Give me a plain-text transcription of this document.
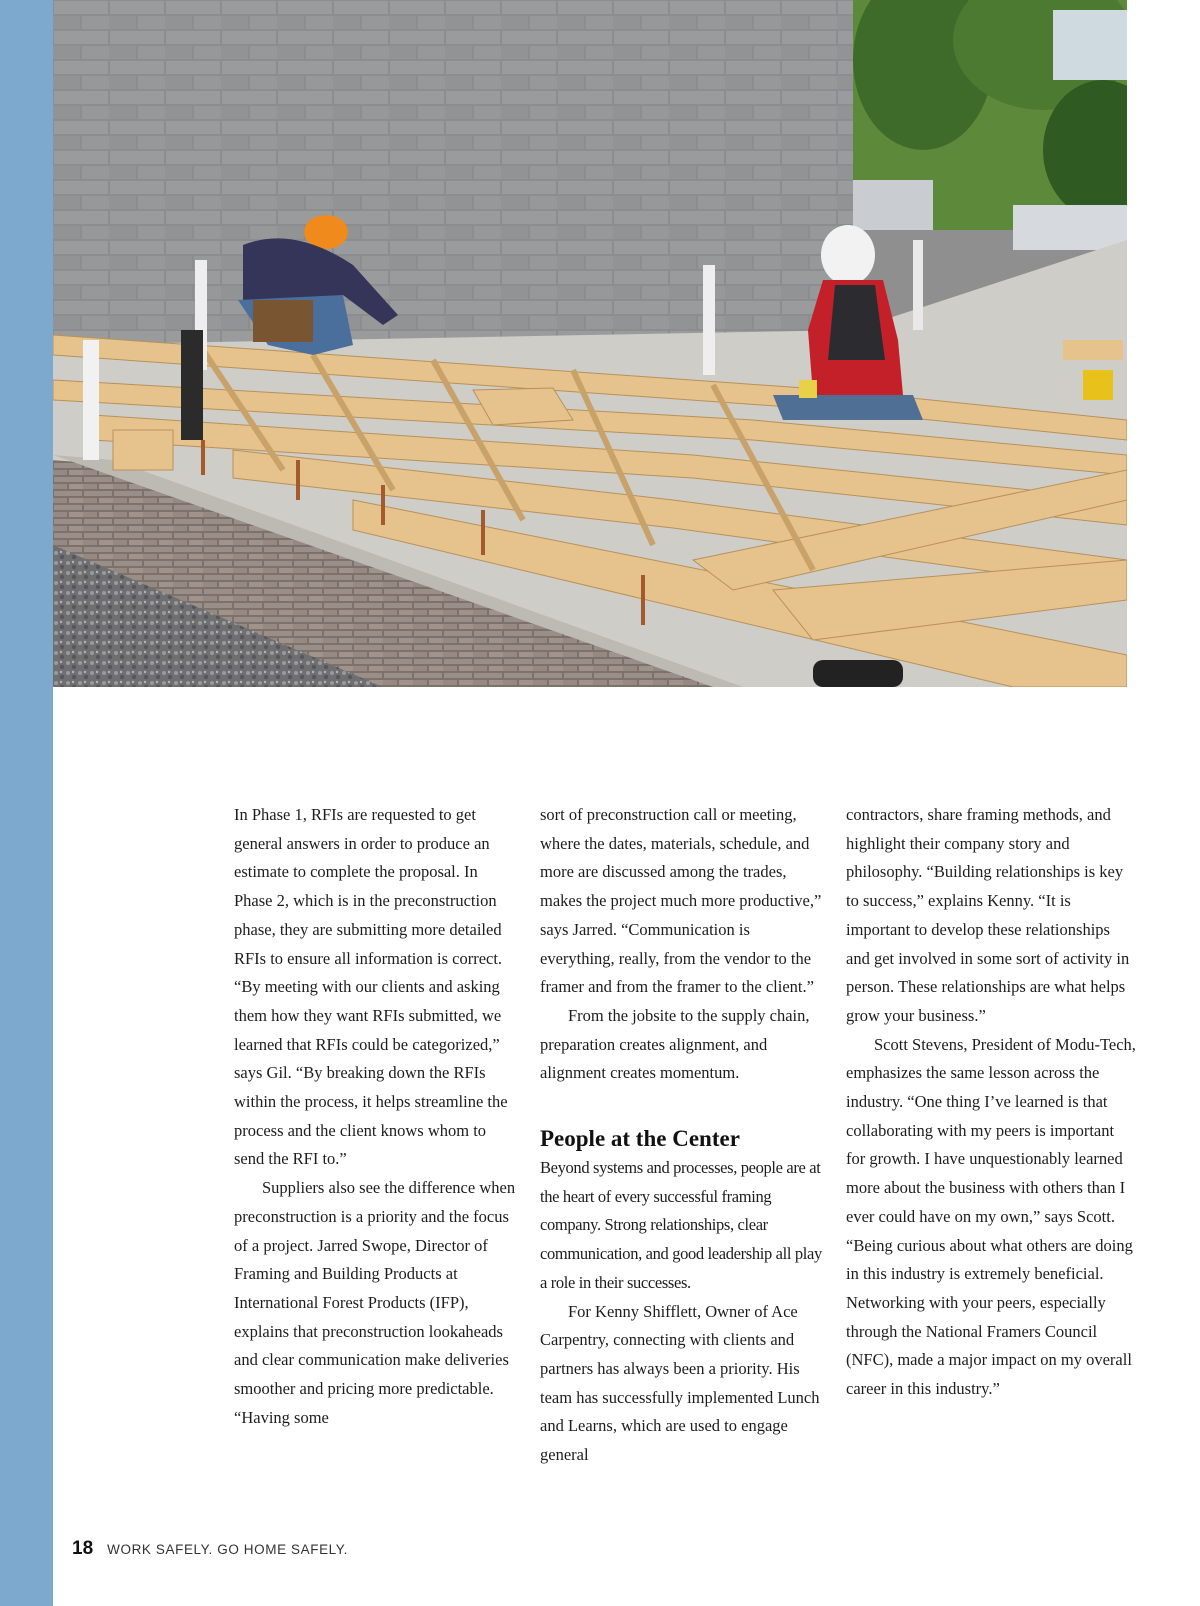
In Phase 1, RFIs are requested to get general answers in order to produce an estimate to complete the proposal. In Phase 2, which is in the preconstruction phase, they are submitting more detailed RFIs to ensure all information is correct. “By meeting with our clients and asking them how they want RFIs submitted, we learned that RFIs could be categorized,” says Gil. “By breaking down the RFIs within the process, it helps streamline the process and the client knows whom to send the RFI to.”

Suppliers also see the difference when preconstruction is a priority and the focus of a project. Jarred Swope, Director of Framing and Building Products at International Forest Products (IFP), explains that preconstruction lookaheads and clear communication make deliveries smoother and pricing more predictable. “Having some

sort of preconstruction call or meeting, where the dates, materials, schedule, and more are discussed among the trades, makes the project much more productive,” says Jarred. “Communication is everything, really, from the vendor to the framer and from the framer to the client.”

From the jobsite to the supply chain, preparation creates alignment, and alignment creates momentum.

People at the Center

Beyond systems and processes, people are at the heart of every successful framing company. Strong relationships, clear communication, and good leadership all play a role in their successes.

For Kenny Shifflett, Owner of Ace Carpentry, connecting with clients and partners has always been a priority. His team has successfully implemented Lunch and Learns, which are used to engage general

contractors, share framing methods, and highlight their company story and philosophy. “Building relationships is key to success,” explains Kenny. “It is important to develop these relationships and get involved in some sort of activity in person. These relationships are what helps grow your business.”

Scott Stevens, President of Modu-Tech, emphasizes the same lesson across the industry. “One thing I’ve learned is that collaborating with my peers is important for growth. I have unquestionably learned more about the business with others than I ever could have on my own,” says Scott. “Being curious about what others are doing in this industry is extremely beneficial. Networking with your peers, especially through the National Framers Council (NFC), made a major impact on my overall career in this industry.”

18 WORK SAFELY. GO HOME SAFELY.
